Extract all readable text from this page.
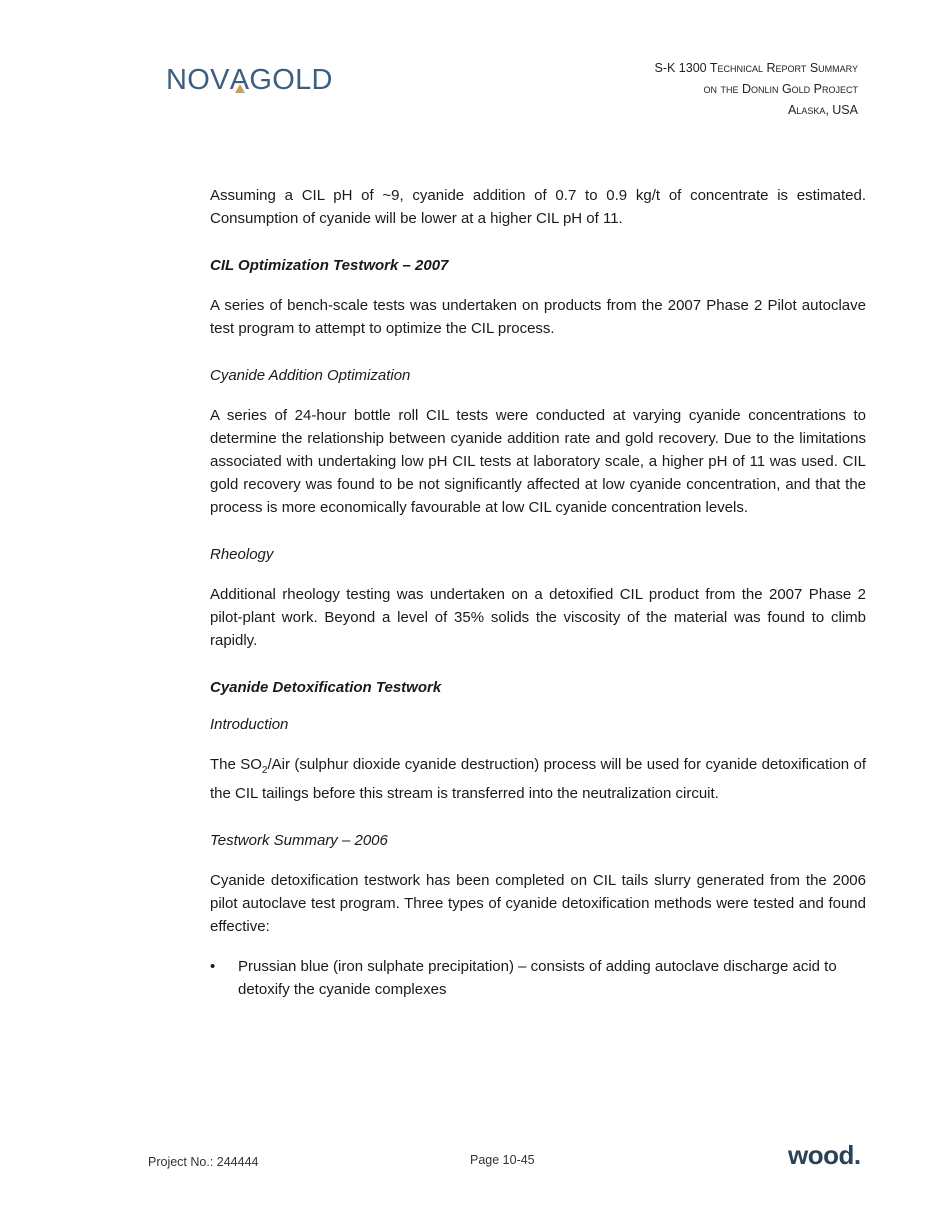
NOVA
GOLD	S-K 1300 Technical Report Summary
on the Donlin Gold Project
Alaska, USA

Assuming a CIL pH of ~9, cyanide addition of 0.7 to 0.9 kg/t of concentrate is estimated. Consumption of cyanide will be lower at a higher CIL pH of 11.

CIL Optimization Testwork – 2007

A series of bench-scale tests was undertaken on products from the 2007 Phase 2 Pilot autoclave test program to attempt to optimize the CIL process.

Cyanide Addition Optimization

A series of 24-hour bottle roll CIL tests were conducted at varying cyanide concentrations to determine the relationship between cyanide addition rate and gold recovery. Due to the limitations associated with undertaking low pH CIL tests at laboratory scale, a higher pH of 11 was used. CIL gold recovery was found to be not significantly affected at low cyanide concentration, and that the process is more economically favourable at low CIL cyanide concentration levels.

Rheology

Additional rheology testing was undertaken on a detoxified CIL product from the 2007 Phase 2 pilot-plant work. Beyond a level of 35% solids the viscosity of the material was found to climb rapidly.

Cyanide Detoxification Testwork

Introduction

The $SO_2$/Air (sulphur dioxide cyanide destruction) process will be used for cyanide detoxification of the CIL tailings before this stream is transferred into the neutralization circuit.

Testwork Summary – 2006

Cyanide detoxification testwork has been completed on CIL tails slurry generated from the 2006 pilot autoclave test program. Three types of cyanide detoxification methods were tested and found effective:

•	Prussian blue (iron sulphate precipitation) – consists of adding autoclave discharge acid to detoxify the cyanide complexes
Project No.: 244444	Page 10-45	wood.
